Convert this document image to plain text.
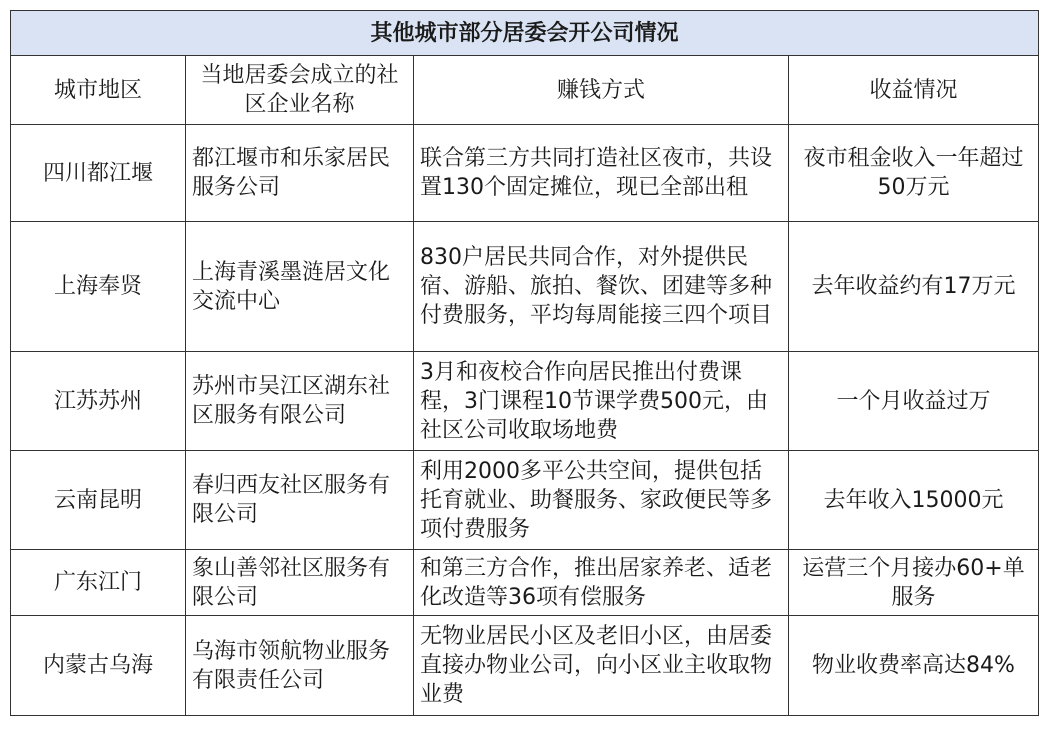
其他城市部分居委会开公司情况			
城市地区	当地居委会成立的社区企业名称	赚钱方式	收益情况
四川都江堰	都江堰市和乐家居民服务公司	联合第三方共同打造社区夜市，共设置130个固定摊位，现已全部出租	夜市租金收入一年超过50万元
上海奉贤	上海青溪墨涟居文化交流中心	830户居民共同合作，对外提供民宿、游船、旅拍、餐饮、团建等多种付费服务，平均每周能接三四个项目	去年收益约有17万元
江苏苏州	苏州市吴江区湖东社区服务有限公司	3月和夜校合作向居民推出付费课程，3门课程10节课学费500元，由社区公司收取场地费	一个月收益过万
云南昆明	春归西友社区服务有限公司	利用2000多平公共空间，提供包括托育就业、助餐服务、家政便民等多项付费服务	去年收入15000元
广东江门	象山善邻社区服务有限公司	和第三方合作，推出居家养老、适老化改造等36项有偿服务	运营三个月接办60+单服务
内蒙古乌海	乌海市领航物业服务有限责任公司	无物业居民小区及老旧小区，由居委直接办物业公司，向小区业主收取物业费	物业收费率高达84%
